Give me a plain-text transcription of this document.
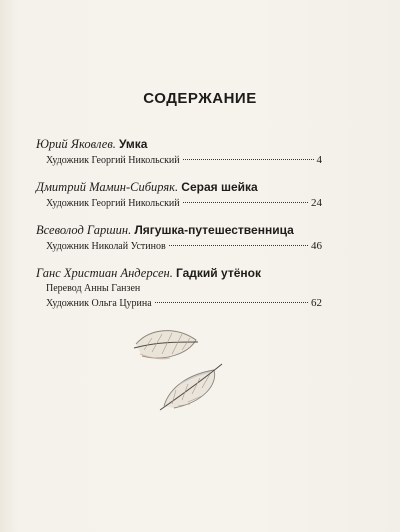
СОДЕРЖАНИЕ
Юрий Яковлев. Умка
Художник Георгий Никольский	4
Дмитрий Мамин-Сибиряк. Серая шейка
Художник Георгий Никольский	24
Всеволод Гаршин. Лягушка-путешественница
Художник Николай Устинов	46
Ганс Христиан Андерсен. Гадкий утёнок
Перевод Анны Ганзен
Художник Ольга Цурина	62
